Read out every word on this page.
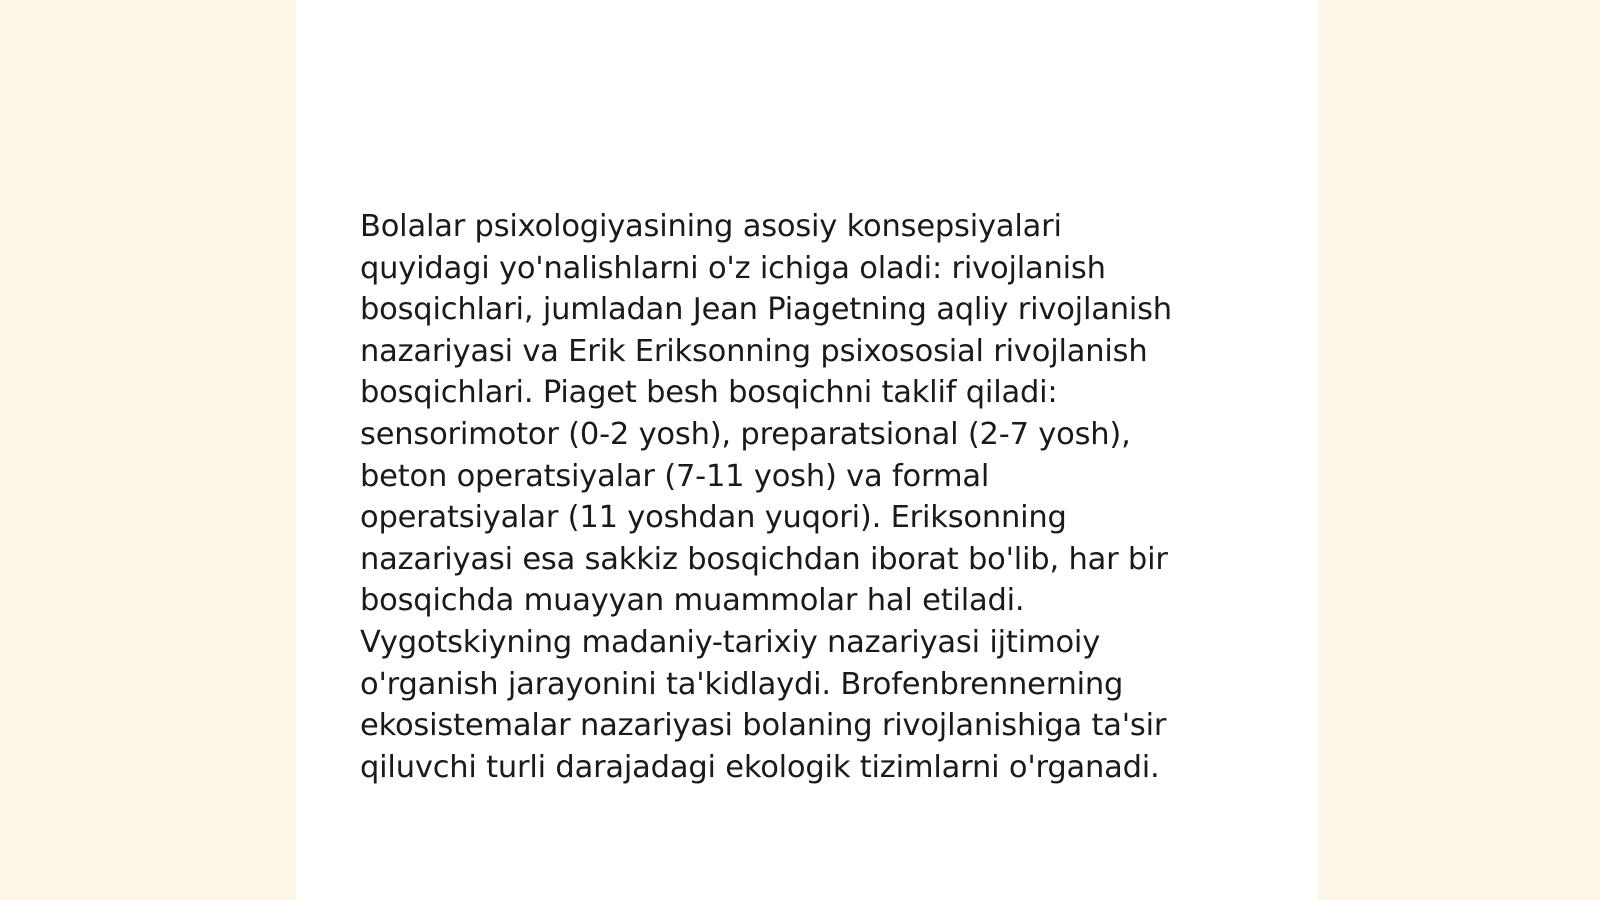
Bolalar psixologiyasining asosiy konsepsiyalari
quyidagi yo'nalishlarni o'z ichiga oladi: rivojlanish
bosqichlari, jumladan Jean Piagetning aqliy rivojlanish
nazariyasi va Erik Eriksonning psixososial rivojlanish
bosqichlari. Piaget besh bosqichni taklif qiladi:
sensorimotor (0-2 yosh), preparatsional (2-7 yosh),
beton operatsiyalar (7-11 yosh) va formal
operatsiyalar (11 yoshdan yuqori). Eriksonning
nazariyasi esa sakkiz bosqichdan iborat bo'lib, har bir
bosqichda muayyan muammolar hal etiladi.
Vygotskiyning madaniy-tarixiy nazariyasi ijtimoiy
o'rganish jarayonini ta'kidlaydi. Brofenbrennerning
ekosistemalar nazariyasi bolaning rivojlanishiga ta'sir
qiluvchi turli darajadagi ekologik tizimlarni o'rganadi.
